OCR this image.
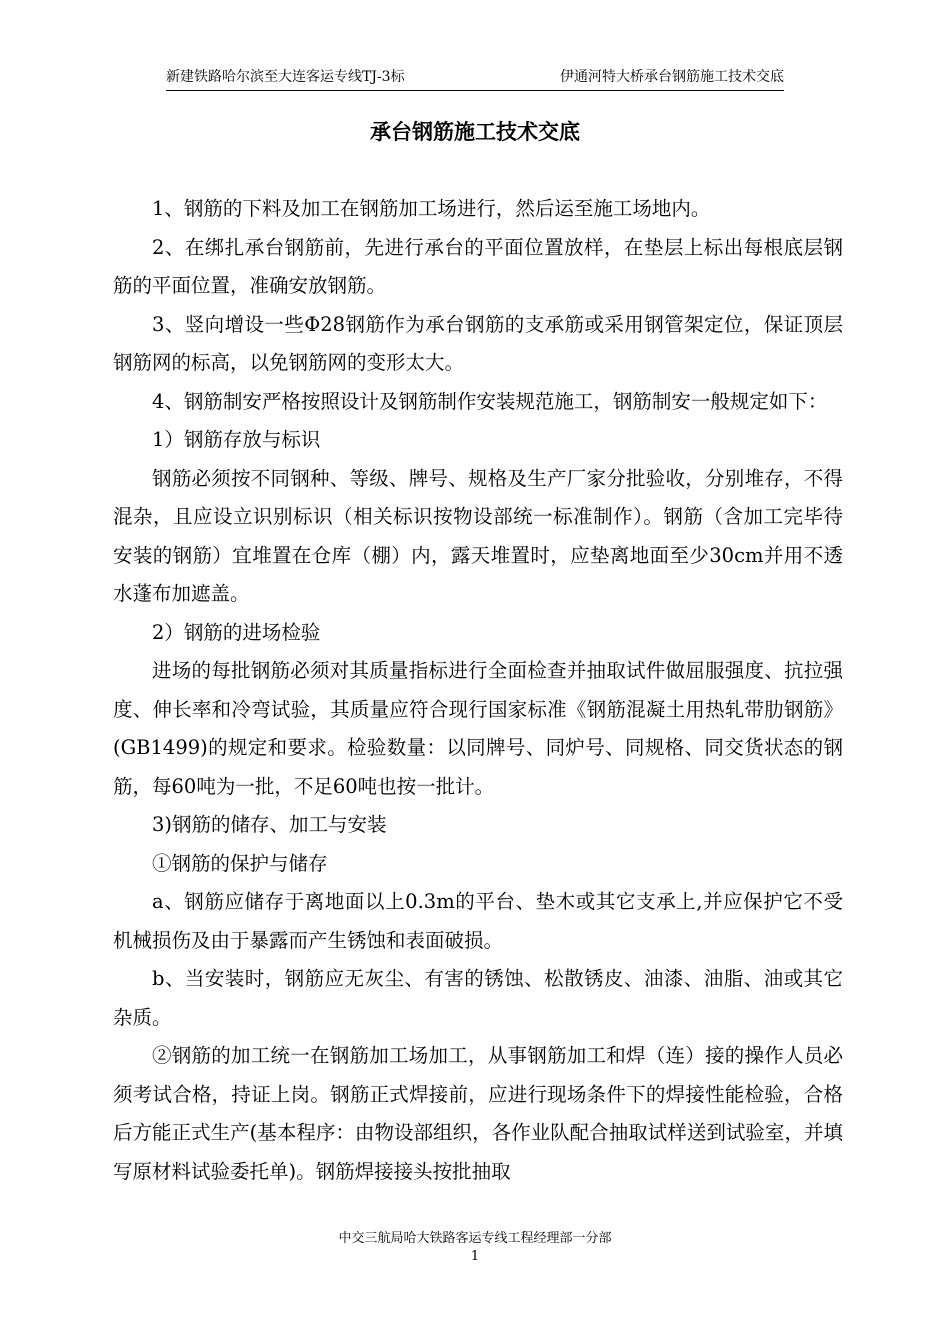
新建铁路哈尔滨至大连客运专线TJ-3标	伊通河特大桥承台钢筋施工技术交底
承台钢筋施工技术交底

1、钢筋的下料及加工在钢筋加工场进行，然后运至施工场地内。

2、在绑扎承台钢筋前，先进行承台的平面位置放样，在垫层上标出每根底层钢筋的平面位置，准确安放钢筋。

3、竖向增设一些Φ28钢筋作为承台钢筋的支承筋或采用钢管架定位，保证顶层钢筋网的标高，以免钢筋网的变形太大。

4、钢筋制安严格按照设计及钢筋制作安装规范施工，钢筋制安一般规定如下：

1）钢筋存放与标识

钢筋必须按不同钢种、等级、牌号、规格及生产厂家分批验收，分别堆存，不得混杂，且应设立识别标识（相关标识按物设部统一标准制作）。钢筋（含加工完毕待安装的钢筋）宜堆置在仓库（棚）内，露天堆置时，应垫离地面至少30cm并用不透水蓬布加遮盖。

2）钢筋的进场检验

进场的每批钢筋必须对其质量指标进行全面检查并抽取试件做屈服强度、抗拉强度、伸长率和冷弯试验，其质量应符合现行国家标准《钢筋混凝土用热轧带肋钢筋》(GB1499)的规定和要求。检验数量：以同牌号、同炉号、同规格、同交货状态的钢筋，每60吨为一批，不足60吨也按一批计。

3)钢筋的储存、加工与安装

①钢筋的保护与储存

a、钢筋应储存于离地面以上0.3m的平台、垫木或其它支承上,并应保护它不受机械损伤及由于暴露而产生锈蚀和表面破损。

b、当安装时，钢筋应无灰尘、有害的锈蚀、松散锈皮、油漆、油脂、油或其它杂质。

②钢筋的加工统一在钢筋加工场加工，从事钢筋加工和焊（连）接的操作人员必须考试合格，持证上岗。钢筋正式焊接前，应进行现场条件下的焊接性能检验，合格后方能正式生产(基本程序：由物设部组织，各作业队配合抽取试样送到试验室，并填写原材料试验委托单)。钢筋焊接接头按批抽取

中交三航局哈大铁路客运专线工程经理部一分部
1
